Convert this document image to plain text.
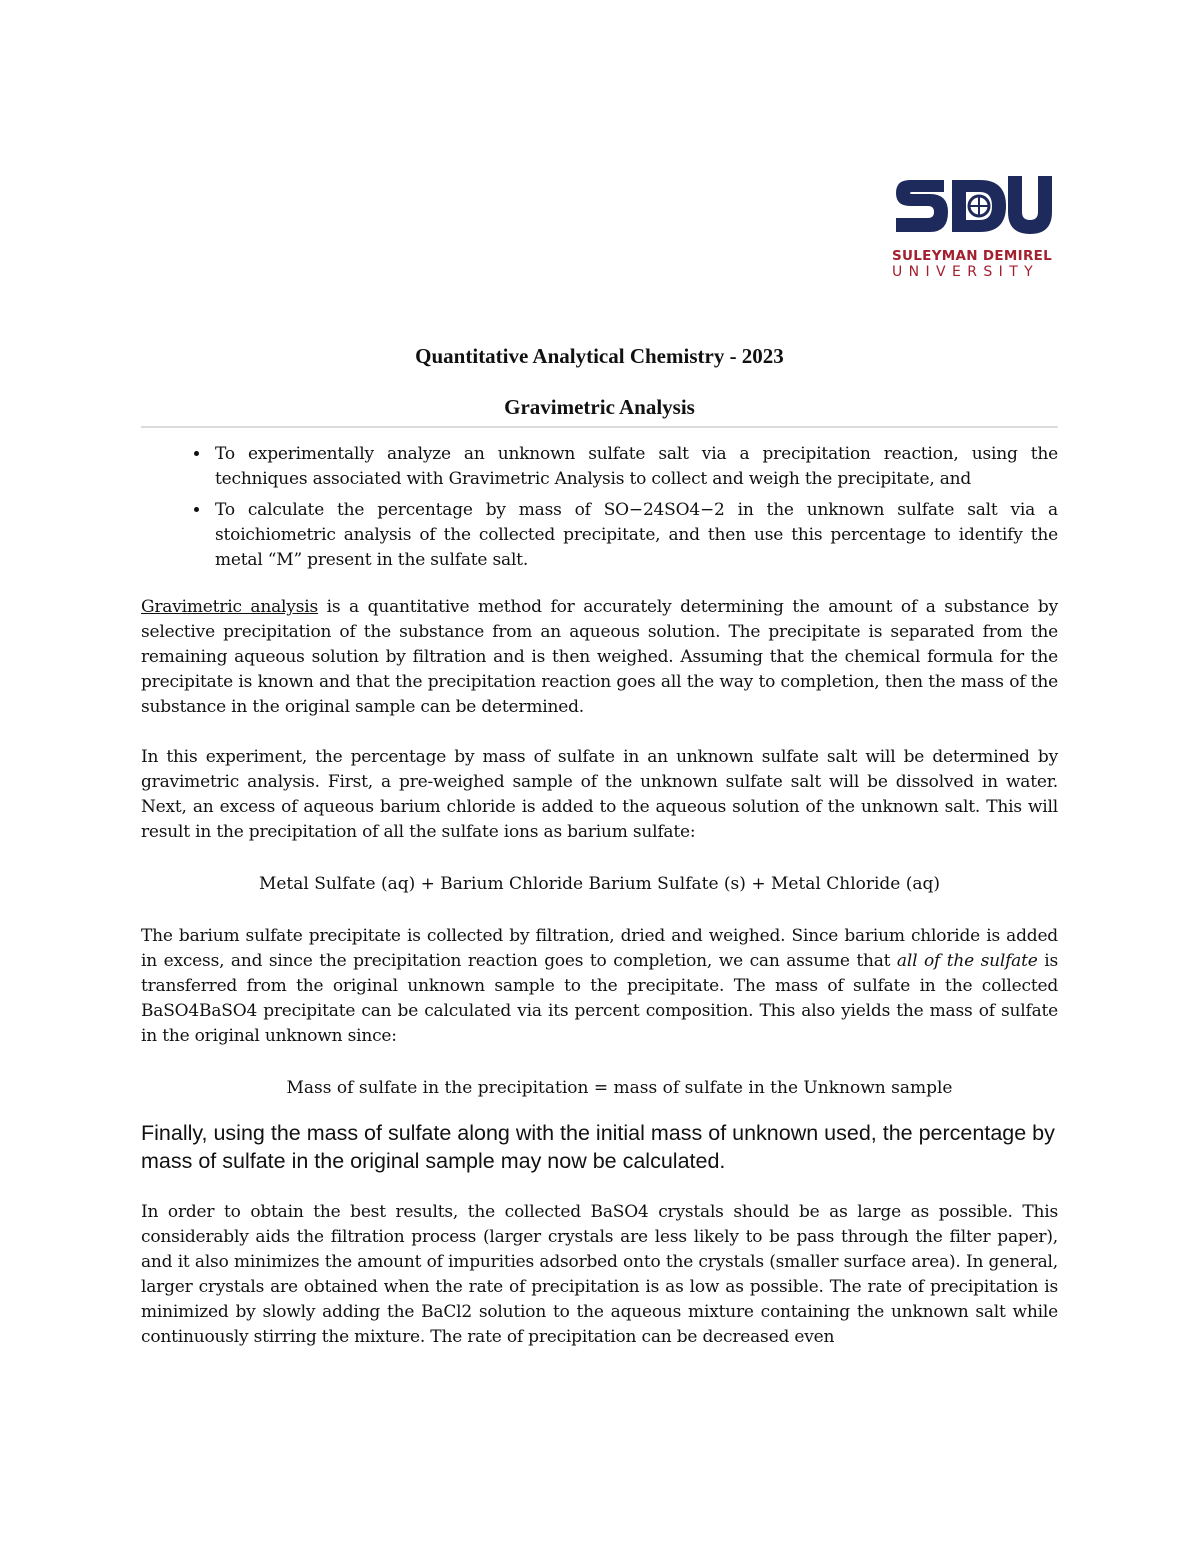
SULEYMAN DEMIREL
UNIVERSITY
Quantitative Analytical Chemistry - 2023
Gravimetric Analysis
• To experimentally analyze an unknown sulfate salt via a precipitation reaction, using the techniques associated with Gravimetric Analysis to collect and weigh the precipitate, and
• To calculate the percentage by mass of SO−24SO4−2 in the unknown sulfate salt via a stoichiometric analysis of the collected precipitate, and then use this percentage to identify the metal “M” present in the sulfate salt.

Gravimetric analysis is a quantitative method for accurately determining the amount of a substance by selective precipitation of the substance from an aqueous solution. The precipitate is separated from the remaining aqueous solution by filtration and is then weighed. Assuming that the chemical formula for the precipitate is known and that the precipitation reaction goes all the way to completion, then the mass of the substance in the original sample can be determined.

In this experiment, the percentage by mass of sulfate in an unknown sulfate salt will be determined by gravimetric analysis. First, a pre-weighed sample of the unknown sulfate salt will be dissolved in water. Next, an excess of aqueous barium chloride is added to the aqueous solution of the unknown salt. This will result in the precipitation of all the sulfate ions as barium sulfate:

Metal Sulfate (aq) + Barium Chloride Barium Sulfate (s) + Metal Chloride (aq)

The barium sulfate precipitate is collected by filtration, dried and weighed. Since barium chloride is added in excess, and since the precipitation reaction goes to completion, we can assume that all of the sulfate is transferred from the original unknown sample to the precipitate. The mass of sulfate in the collected BaSO4BaSO4 precipitate can be calculated via its percent composition. This also yields the mass of sulfate in the original unknown since:

Mass of sulfate in the precipitation = mass of sulfate in the Unknown sample

Finally, using the mass of sulfate along with the initial mass of unknown used, the percentage by mass of sulfate in the original sample may now be calculated.

In order to obtain the best results, the collected BaSO4 crystals should be as large as possible. This considerably aids the filtration process (larger crystals are less likely to be pass through the filter paper), and it also minimizes the amount of impurities adsorbed onto the crystals (smaller surface area). In general, larger crystals are obtained when the rate of precipitation is as low as possible. The rate of precipitation is minimized by slowly adding the BaCl2 solution to the aqueous mixture containing the unknown salt while continuously stirring the mixture. The rate of precipitation can be decreased even
